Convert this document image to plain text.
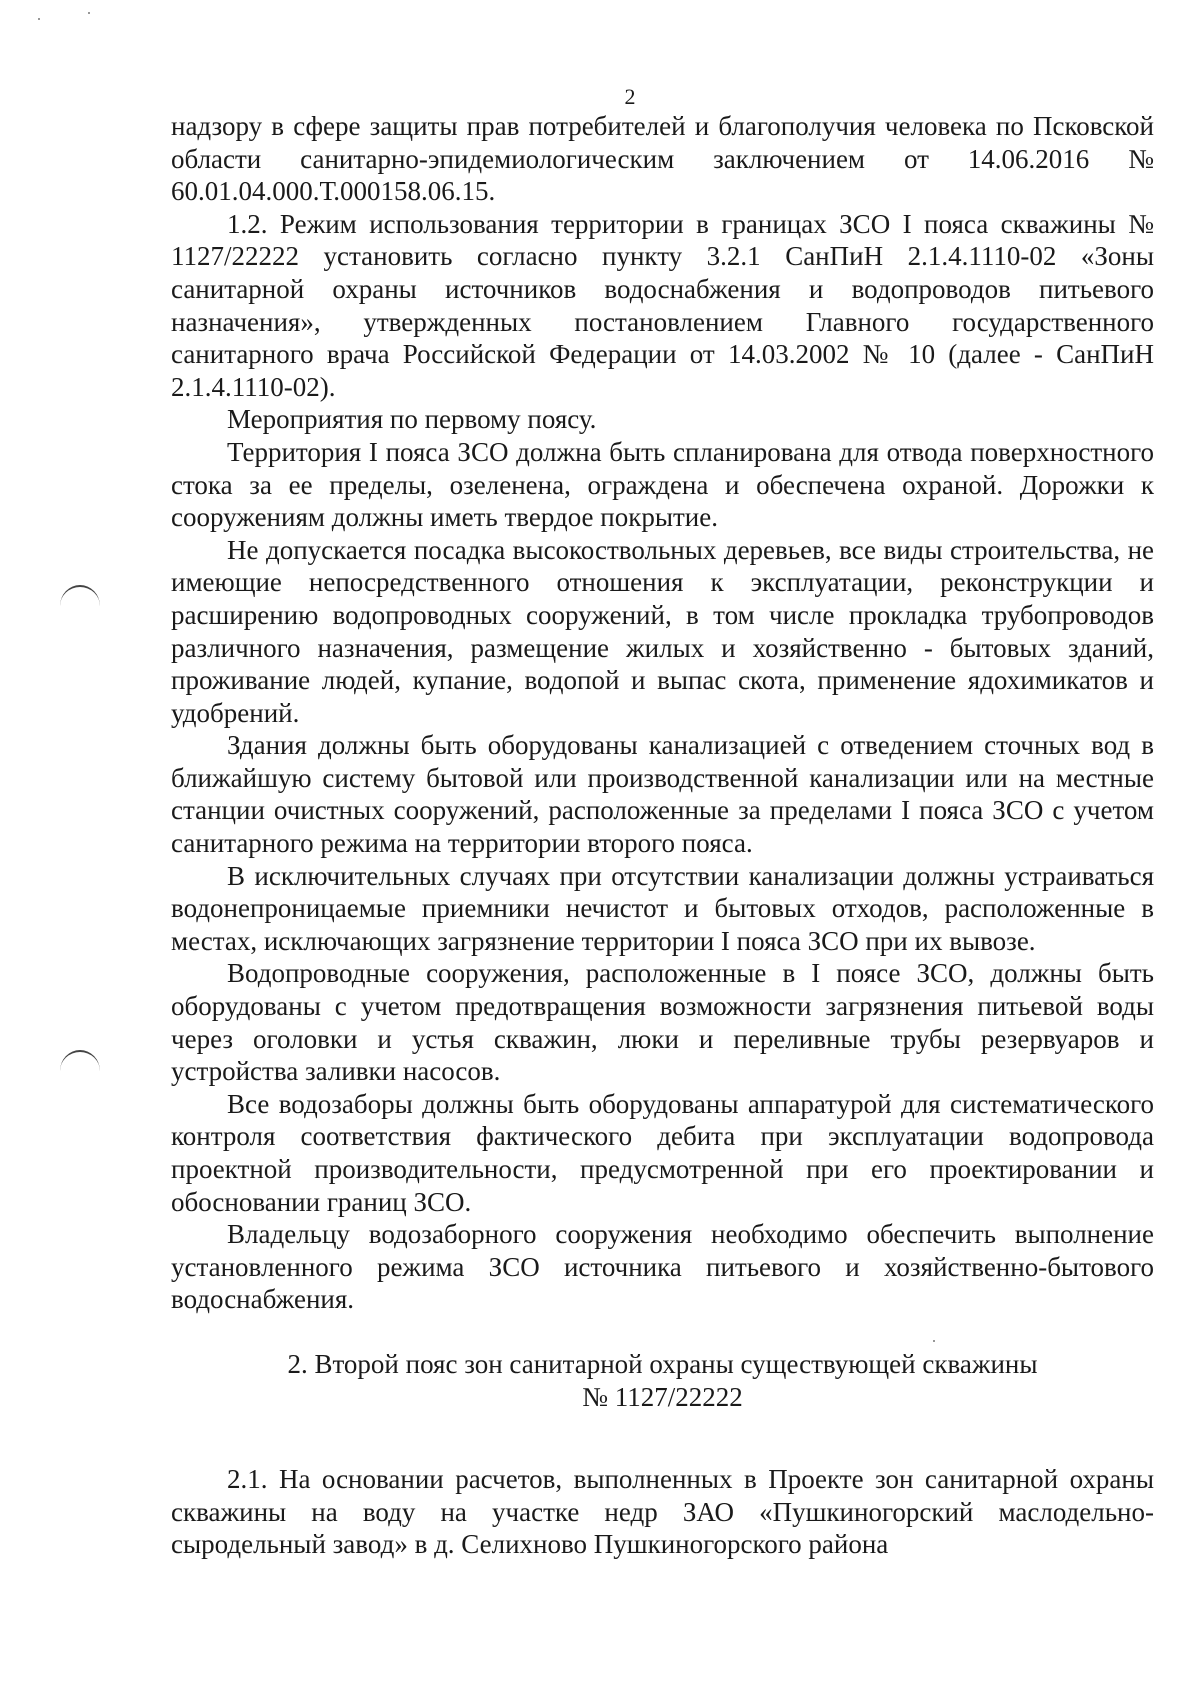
2

надзору в сфере защиты прав потребителей и благополучия человека по Псковской области санитарно-эпидемиологическим заключением от 14.06.2016 № 60.01.04.000.Т.000158.06.15.

1.2. Режим использования территории в границах ЗСО I пояса скважины № 1127/22222 установить согласно пункту 3.2.1 СанПиН 2.1.4.1110-02 «Зоны санитарной охраны источников водоснабжения и водопроводов питьевого назначения», утвержденных постановлением Главного государственного санитарного врача Российской Федерации от 14.03.2002 № 10 (далее - СанПиН 2.1.4.1110-02).

Мероприятия по первому поясу.

Территория I пояса ЗСО должна быть спланирована для отвода поверхностного стока за ее пределы, озеленена, ограждена и обеспечена охраной. Дорожки к сооружениям должны иметь твердое покрытие.

Не допускается посадка высокоствольных деревьев, все виды строительства, не имеющие непосредственного отношения к эксплуатации, реконструкции и расширению водопроводных сооружений, в том числе прокладка трубопроводов различного назначения, размещение жилых и хозяйственно - бытовых зданий, проживание людей, купание, водопой и выпас скота, применение ядохимикатов и удобрений.

Здания должны быть оборудованы канализацией с отведением сточных вод в ближайшую систему бытовой или производственной канализации или на местные станции очистных сооружений, расположенные за пределами I пояса ЗСО с учетом санитарного режима на территории второго пояса.

В исключительных случаях при отсутствии канализации должны устраиваться водонепроницаемые приемники нечистот и бытовых отходов, расположенные в местах, исключающих загрязнение территории I пояса ЗСО при их вывозе.

Водопроводные сооружения, расположенные в I поясе ЗСО, должны быть оборудованы с учетом предотвращения возможности загрязнения питьевой воды через оголовки и устья скважин, люки и переливные трубы резервуаров и устройства заливки насосов.

Все водозаборы должны быть оборудованы аппаратурой для систематического контроля соответствия фактического дебита при эксплуатации водопровода проектной производительности, предусмотренной при его проектировании и обосновании границ ЗСО.

Владельцу водозаборного сооружения необходимо обеспечить выполнение установленного режима ЗСО источника питьевого и хозяйственно-бытового водоснабжения.

2. Второй пояс зон санитарной охраны существующей скважины
№ 1127/22222

2.1. На основании расчетов, выполненных в Проекте зон санитарной охраны скважины на воду на участке недр ЗАО «Пушкиногорский маслодельно-сыродельный завод» в д. Селихново Пушкиногорского района
